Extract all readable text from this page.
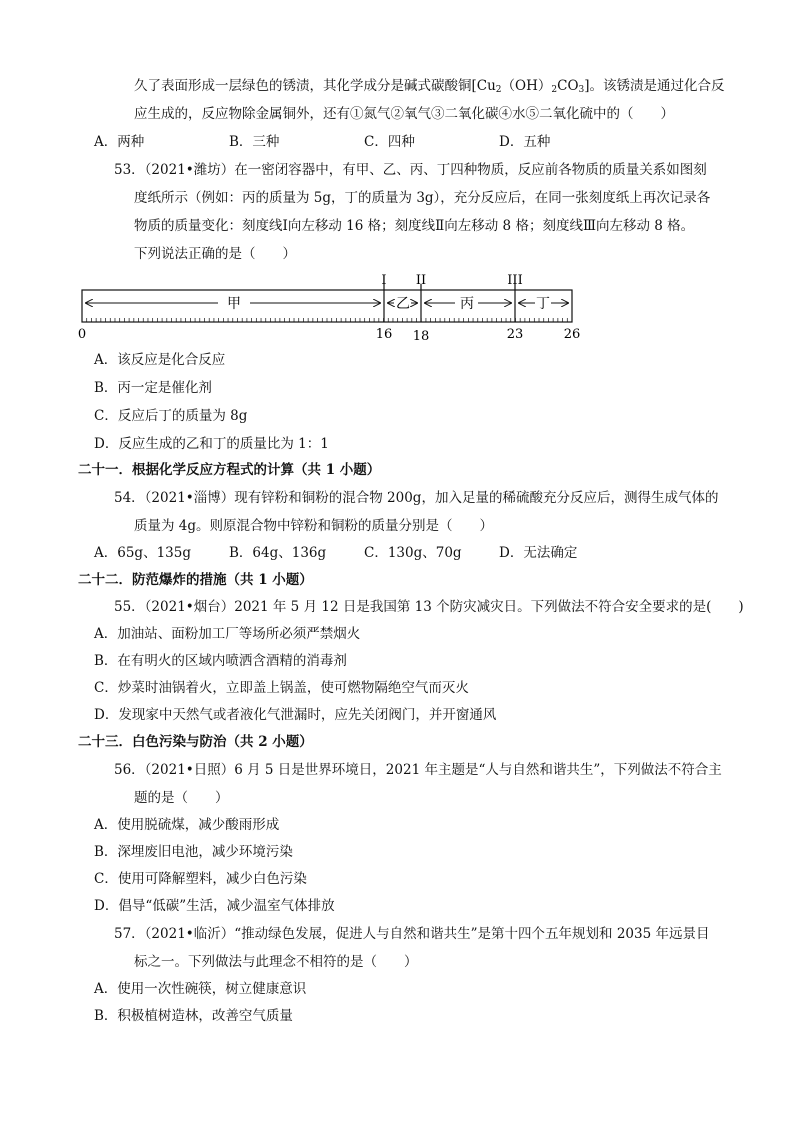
久了表面形成一层绿色的锈渍，其化学成分是碱式碳酸铜$[Cu_2(OH)_2CO_3]$。该锈渍是通过化合反
应生成的，反应物除金属铜外，还有①氮气②氧气③二氧化碳④水⑤二氧化硫中的（　　）
A．两种	B．三种	C．四种	D．五种
53．（2021•潍坊）在一密闭容器中，有甲、乙、丙、丁四种物质，反应前各物质的质量关系如图刻
度纸所示（例如：丙的质量为 5g，丁的质量为 3g），充分反应后，在同一张刻度纸上再次记录各
物质的质量变化：刻度线Ⅰ向左移动 16 格；刻度线Ⅱ向左移动 8 格；刻度线Ⅲ向左移动 8 格。
下列说法正确的是（　　）
I II	III
甲	乙	丙	丁
0	16 18	23	26
A．该反应是化合反应
B．丙一定是催化剂
C．反应后丁的质量为 8g
D．反应生成的乙和丁的质量比为 1：1
二十一．根据化学反应方程式的计算（共 1 小题）
54．（2021•淄博）现有锌粉和铜粉的混合物 200g，加入足量的稀硫酸充分反应后，测得生成气体的
质量为 4g。则原混合物中锌粉和铜粉的质量分别是（　　）
A．65g、135g	B．64g、136g	C．130g、70g	D．无法确定
二十二．防范爆炸的措施（共 1 小题）
55．（2021•烟台）2021 年 5 月 12 日是我国第 13 个防灾减灾日。下列做法不符合安全要求的是(　　)
A．加油站、面粉加工厂等场所必须严禁烟火
B．在有明火的区域内喷洒含酒精的消毒剂
C．炒菜时油锅着火，立即盖上锅盖，使可燃物隔绝空气而灭火
D．发现家中天然气或者液化气泄漏时，应先关闭阀门，并开窗通风
二十三．白色污染与防治（共 2 小题）
56．（2021•日照）6 月 5 日是世界环境日，2021 年主题是“人与自然和谐共生”，下列做法不符合主
题的是（　　）
A．使用脱硫煤，减少酸雨形成
B．深埋废旧电池，减少环境污染
C．使用可降解塑料，减少白色污染
D．倡导“低碳”生活，减少温室气体排放
57．（2021•临沂）“推动绿色发展，促进人与自然和谐共生”是第十四个五年规划和 2035 年远景目
标之一。下列做法与此理念不相符的是（　　）
A．使用一次性碗筷，树立健康意识
B．积极植树造林，改善空气质量
